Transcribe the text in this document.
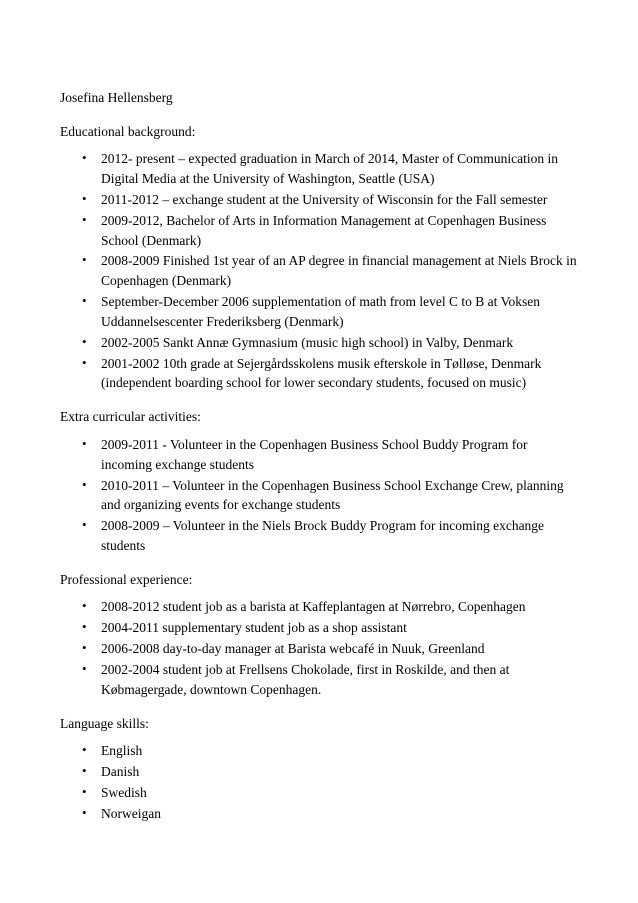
Josefina Hellensberg

Educational background:

• 2012- present – expected graduation in March of 2014, Master of Communication in Digital Media at the University of Washington, Seattle (USA)
• 2011-2012 – exchange student at the University of Wisconsin for the Fall semester
• 2009-2012, Bachelor of Arts in Information Management at Copenhagen Business School (Denmark)
• 2008-2009 Finished 1st year of an AP degree in financial management at Niels Brock in Copenhagen (Denmark)
• September-December 2006 supplementation of math from level C to B at Voksen Uddannelsescenter Frederiksberg (Denmark)
• 2002-2005 Sankt Annæ Gymnasium (music high school) in Valby, Denmark
• 2001-2002 10th grade at Sejergårdsskolens musik efterskole in Tølløse, Denmark (independent boarding school for lower secondary students, focused on music)

Extra curricular activities:

• 2009-2011 - Volunteer in the Copenhagen Business School Buddy Program for incoming exchange students
• 2010-2011 – Volunteer in the Copenhagen Business School Exchange Crew, planning and organizing events for exchange students
• 2008-2009 – Volunteer in the Niels Brock Buddy Program for incoming exchange students

Professional experience:

• 2008-2012 student job as a barista at Kaffeplantagen at Nørrebro, Copenhagen
• 2004-2011 supplementary student job as a shop assistant
• 2006-2008 day-to-day manager at Barista webcafé in Nuuk, Greenland
• 2002-2004 student job at Frellsens Chokolade, first in Roskilde, and then at Købmagergade, downtown Copenhagen.

Language skills:

• English
• Danish
• Swedish
• Norweigan
